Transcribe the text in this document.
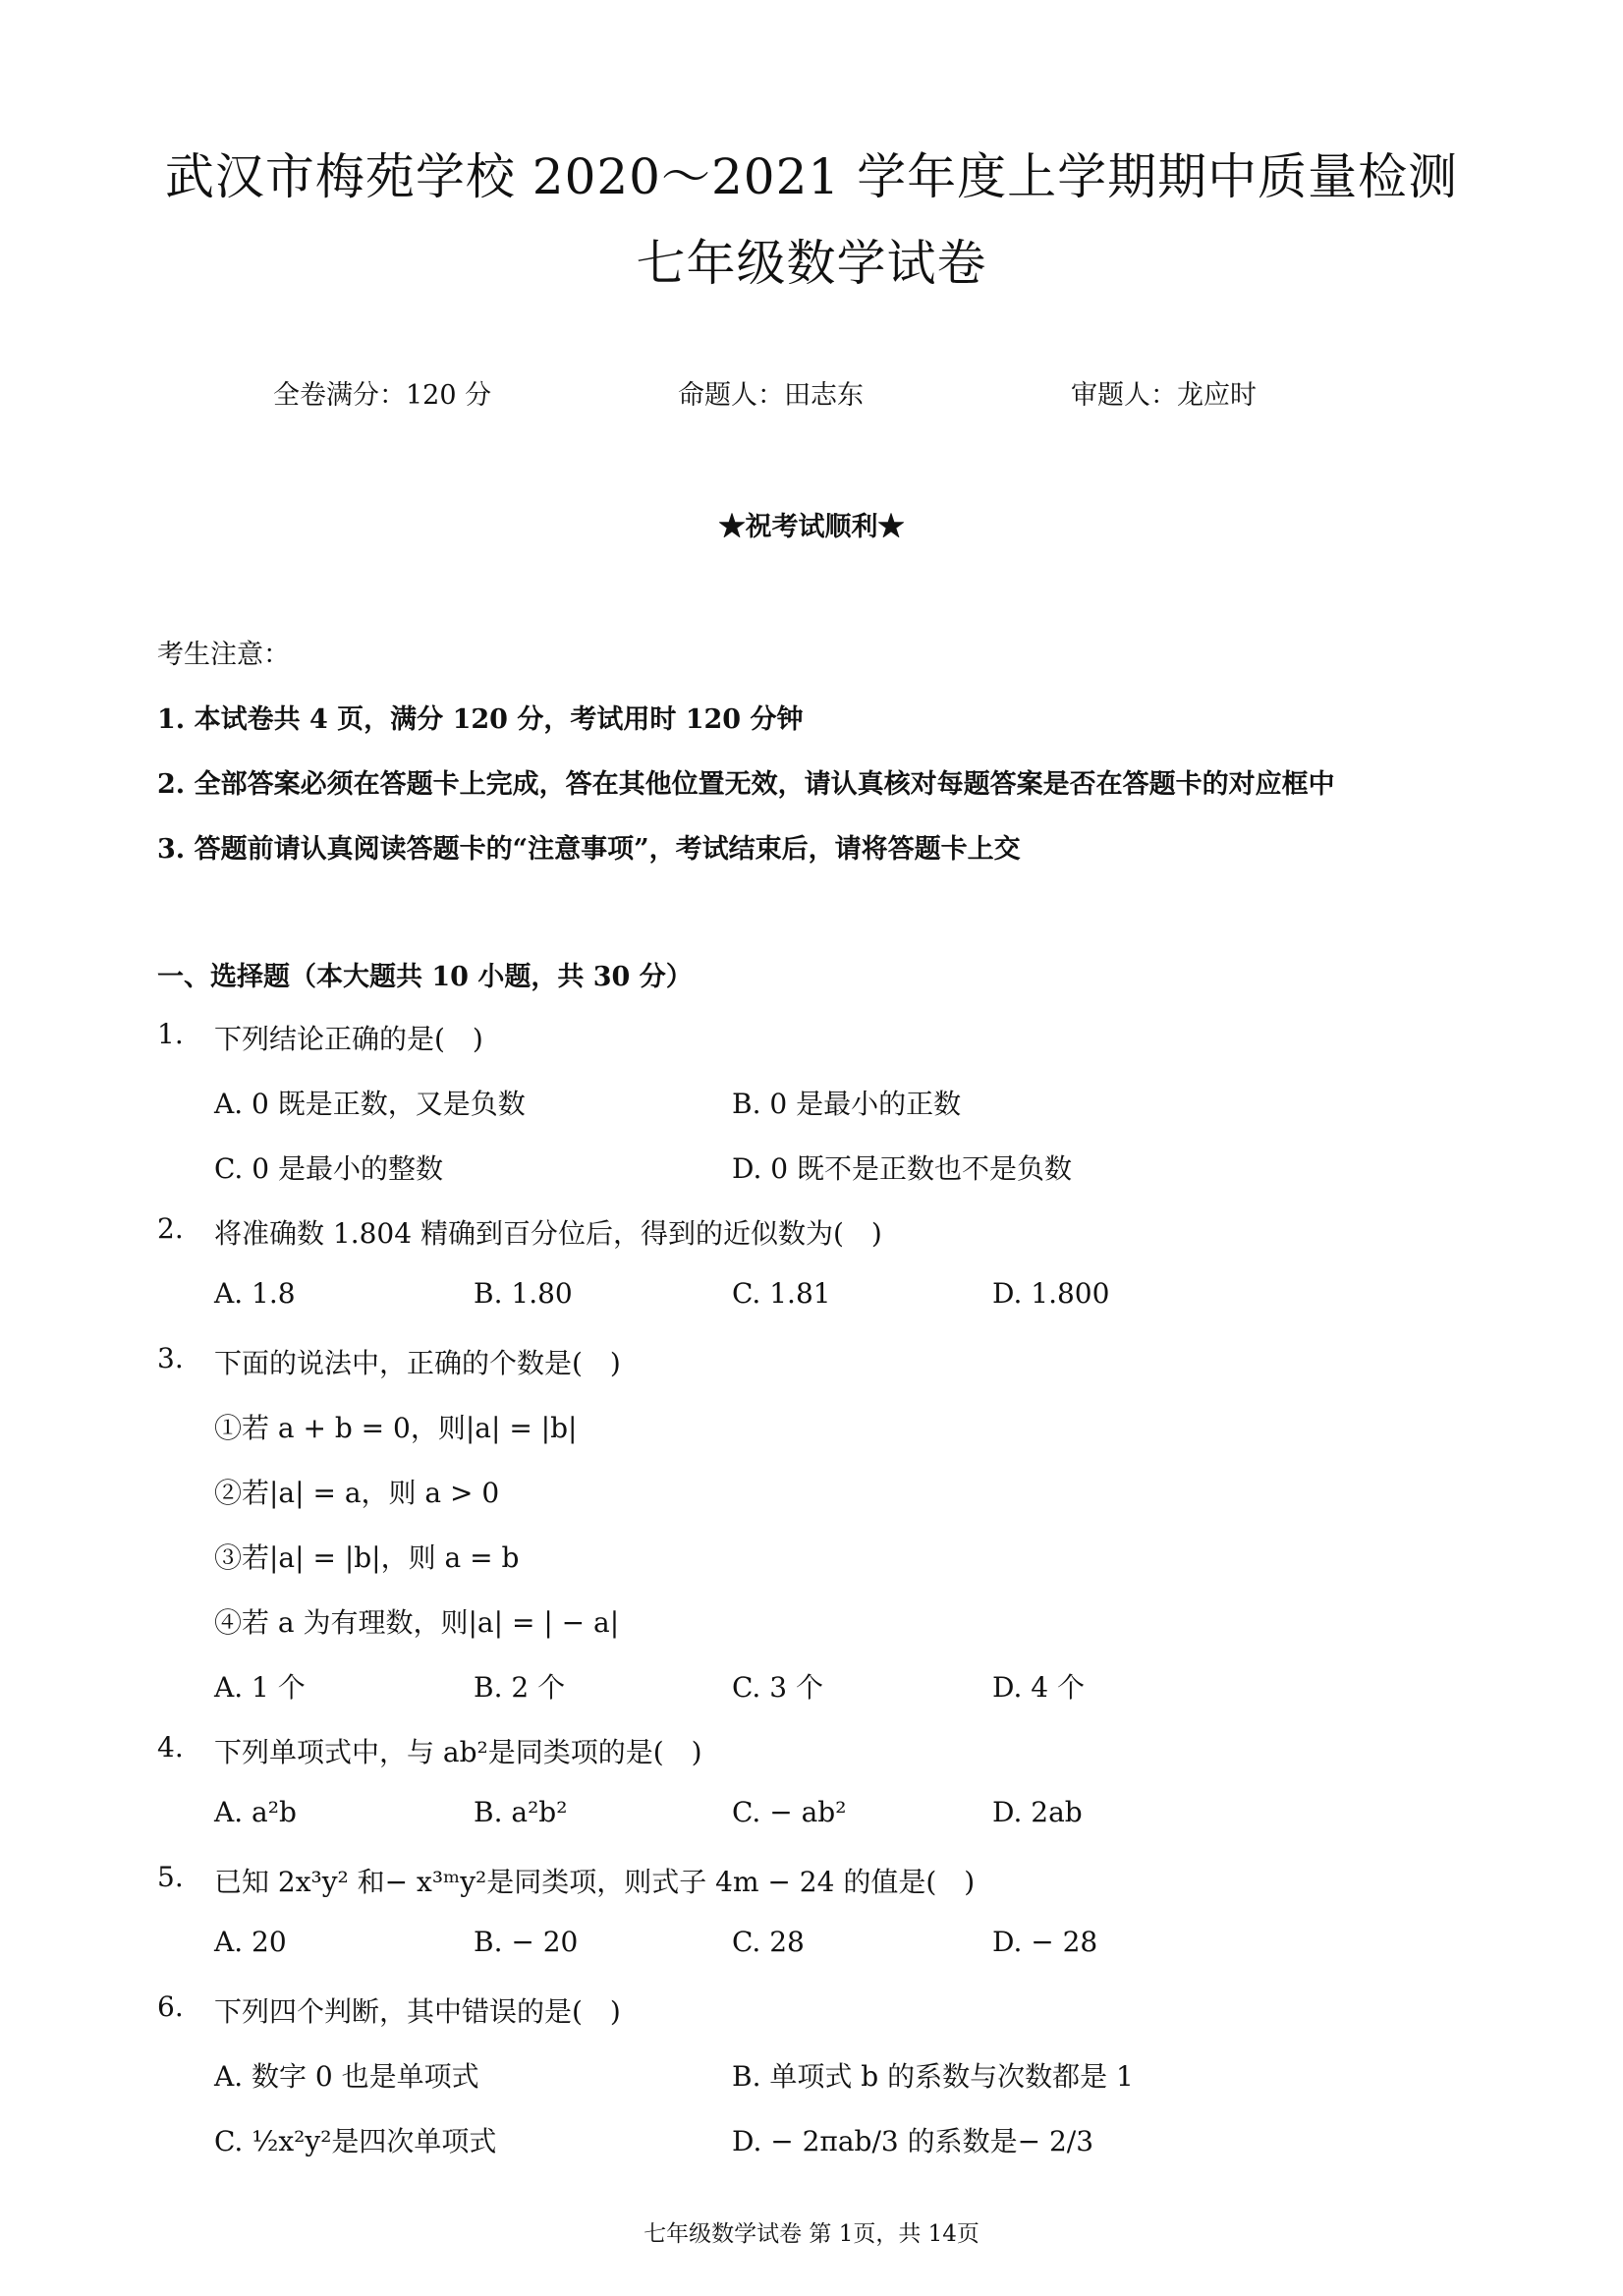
武汉市梅苑学校 2020～2021 学年度上学期期中质量检测
七年级数学试卷
全卷满分：120 分	命题人：田志东	审题人：龙应时
★祝考试顺利★
考生注意：
1. 本试卷共 4 页，满分 120 分，考试用时 120 分钟
2. 全部答案必须在答题卡上完成，答在其他位置无效，请认真核对每题答案是否在答题卡的对应框中
3. 答题前请认真阅读答题卡的“注意事项”，考试结束后，请将答题卡上交
一、选择题（本大题共 10 小题，共 30 分）
1. 下列结论正确的是(　)
A. 0 既是正数，又是负数	B. 0 是最小的正数
C. 0 是最小的整数	D. 0 既不是正数也不是负数
2. 将准确数 1.804 精确到百分位后，得到的近似数为(　)
A. 1.8	B. 1.80	C. 1.81	D. 1.800
3. 下面的说法中，正确的个数是(　)
①若 a + b = 0，则|a| = |b|
②若|a| = a，则 a > 0
③若|a| = |b|，则 a = b
④若 a 为有理数，则|a| = | − a|
A. 1 个	B. 2 个	C. 3 个	D. 4 个
4. 下列单项式中，与 ab²是同类项的是(　)
A. a²b	B. a²b²	C. − ab²	D. 2ab
5. 已知 2x³y² 和− x³ᵐy²是同类项，则式子 4m − 24 的值是(　)
A. 20	B. − 20	C. 28	D. − 28
6. 下列四个判断，其中错误的是(　)
A. 数字 0 也是单项式	B. 单项式 b 的系数与次数都是 1
C. ½x²y²是四次单项式	D. − 2πab/3 的系数是− 2/3
七年级数学试卷 第 1页，共 14页
